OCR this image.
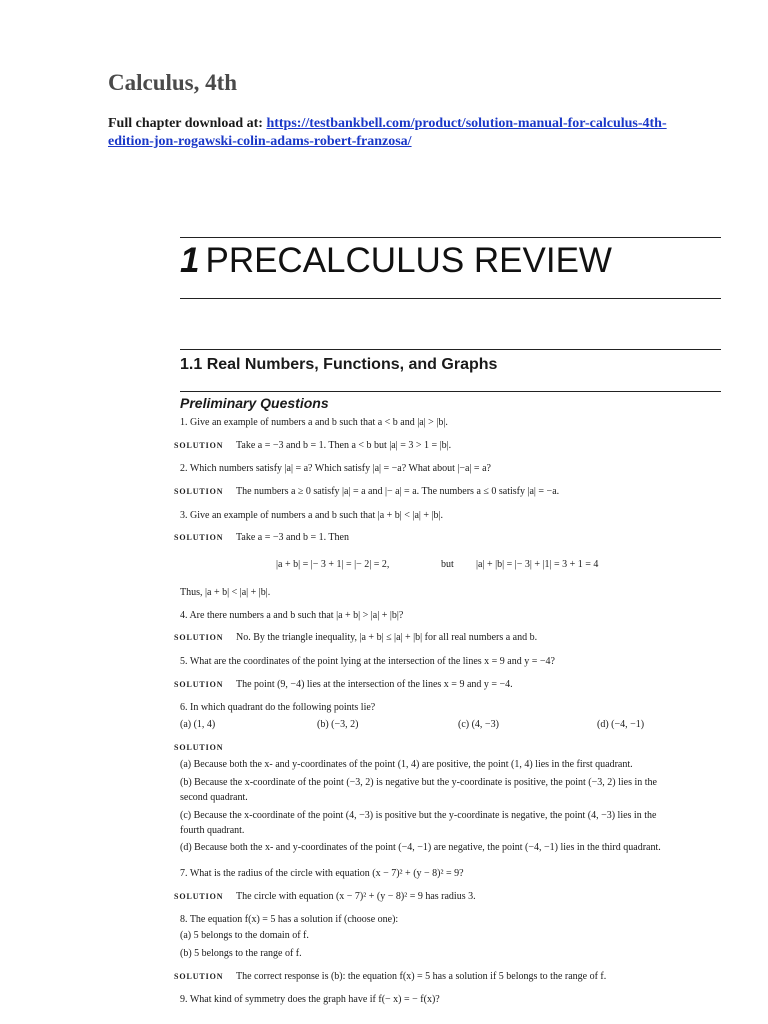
Calculus, 4th
Full chapter download at: https://testbankbell.com/product/solution-manual-for-calculus-4th-
edition-jon-rogawski-colin-adams-robert-franzosa/
1 PRECALCULUS REVIEW
1.1 Real Numbers, Functions, and Graphs
Preliminary Questions
1. Give an example of numbers a and b such that a < b and |a| > |b|.
SOLUTION Take a = −3 and b = 1. Then a < b but |a| = 3 > 1 = |b|.
2. Which numbers satisfy |a| = a? Which satisfy |a| = −a? What about |−a| = a?
SOLUTION The numbers a ≥ 0 satisfy |a| = a and |− a| = a. The numbers a ≤ 0 satisfy |a| = −a.
3. Give an example of numbers a and b such that |a + b| < |a| + |b|.
SOLUTION Take a = −3 and b = 1. Then
|a + b| = |− 3 + 1| = |− 2| = 2,	but |a| + |b| = |− 3| + |1| = 3 + 1 = 4
Thus, |a + b| < |a| + |b|.
4. Are there numbers a and b such that |a + b| > |a| + |b|?
SOLUTION No. By the triangle inequality, |a + b| ≤ |a| + |b| for all real numbers a and b.
5. What are the coordinates of the point lying at the intersection of the lines x = 9 and y = −4?
SOLUTION The point (9, −4) lies at the intersection of the lines x = 9 and y = −4.
6. In which quadrant do the following points lie?
(a) (1, 4)	(b) (−3, 2)	(c) (4, −3)	(d) (−4, −1)
SOLUTION
(a) Because both the x- and y-coordinates of the point (1, 4) are positive, the point (1, 4) lies in the first quadrant.
(b) Because the x-coordinate of the point (−3, 2) is negative but the y-coordinate is positive, the point (−3, 2) lies in the
second quadrant.
(c) Because the x-coordinate of the point (4, −3) is positive but the y-coordinate is negative, the point (4, −3) lies in the
fourth quadrant.
(d) Because both the x- and y-coordinates of the point (−4, −1) are negative, the point (−4, −1) lies in the third quadrant.
7. What is the radius of the circle with equation (x − 7)² + (y − 8)² = 9?
SOLUTION The circle with equation (x − 7)² + (y − 8)² = 9 has radius 3.
8. The equation f(x) = 5 has a solution if (choose one):
(a) 5 belongs to the domain of f.
(b) 5 belongs to the range of f.
SOLUTION The correct response is (b): the equation f(x) = 5 has a solution if 5 belongs to the range of f.
9. What kind of symmetry does the graph have if f(− x) = − f(x)?
